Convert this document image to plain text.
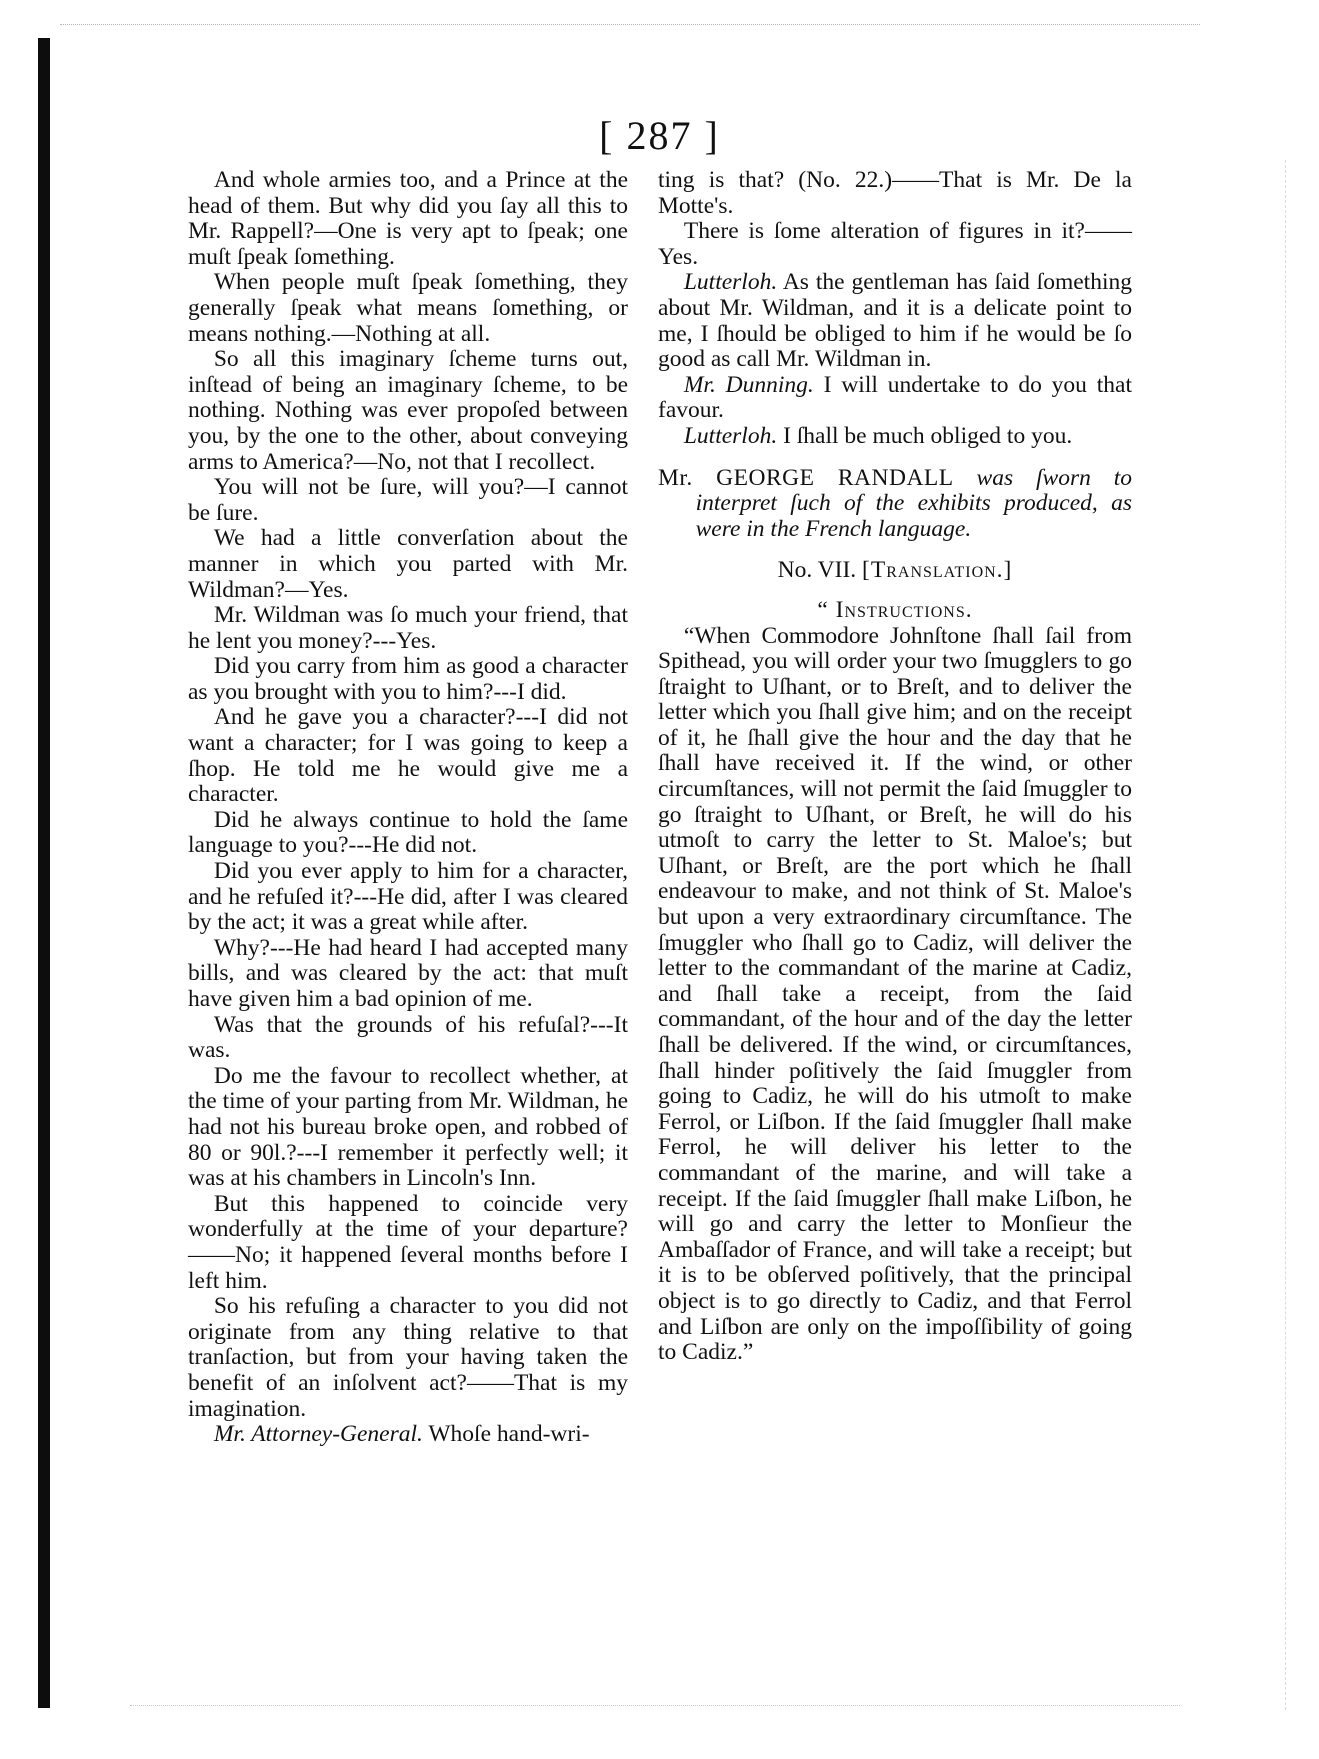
[ 287 ]

And whole armies too, and a Prince at the head of them. But why did you ſay all this to Mr. Rappell?—One is very apt to ſpeak; one muſt ſpeak ſomething.

When people muſt ſpeak ſomething, they generally ſpeak what means ſomething, or means nothing.—Nothing at all.

So all this imaginary ſcheme turns out, inſtead of being an imaginary ſcheme, to be nothing. Nothing was ever propoſed between you, by the one to the other, about conveying arms to America?—No, not that I recollect.

You will not be ſure, will you?—I cannot be ſure.

We had a little converſation about the manner in which you parted with Mr. Wildman?—Yes.

Mr. Wildman was ſo much your friend, that he lent you money?---Yes.

Did you carry from him as good a character as you brought with you to him?---I did.

And he gave you a character?---I did not want a character; for I was going to keep a ſhop. He told me he would give me a character.

Did he always continue to hold the ſame language to you?---He did not.

Did you ever apply to him for a character, and he refuſed it?---He did, after I was cleared by the act; it was a great while after.

Why?---He had heard I had accepted many bills, and was cleared by the act: that muſt have given him a bad opinion of me.

Was that the grounds of his refuſal?---It was.

Do me the favour to recollect whether, at the time of your parting from Mr. Wildman, he had not his bureau broke open, and robbed of 80 or 90l.?---I remember it perfectly well; it was at his chambers in Lincoln's Inn.

But this happened to coincide very wonderfully at the time of your departure?——No; it happened ſeveral months before I left him.

So his refuſing a character to you did not originate from any thing relative to that tranſaction, but from your having taken the benefit of an inſolvent act?——That is my imagination.

Mr. Attorney-General. Whoſe hand-wri-

ting is that? (No. 22.)——That is Mr. De la Motte's.

There is ſome alteration of figures in it?——Yes.

Lutterloh. As the gentleman has ſaid ſomething about Mr. Wildman, and it is a delicate point to me, I ſhould be obliged to him if he would be ſo good as call Mr. Wildman in.

Mr. Dunning. I will undertake to do you that favour.

Lutterloh. I ſhall be much obliged to you.

Mr. GEORGE RANDALL was ſworn to interpret ſuch of the exhibits produced, as were in the French language.

No. VII. [Translation.]

“ Instructions.

“When Commodore Johnſtone ſhall ſail from Spithead, you will order your two ſmugglers to go ſtraight to Uſhant, or to Breſt, and to deliver the letter which you ſhall give him; and on the receipt of it, he ſhall give the hour and the day that he ſhall have received it. If the wind, or other circumſtances, will not permit the ſaid ſmuggler to go ſtraight to Uſhant, or Breſt, he will do his utmoſt to carry the letter to St. Maloe's; but Uſhant, or Breſt, are the port which he ſhall endeavour to make, and not think of St. Maloe's but upon a very extraordinary circumſtance. The ſmuggler who ſhall go to Cadiz, will deliver the letter to the commandant of the marine at Cadiz, and ſhall take a receipt, from the ſaid commandant, of the hour and of the day the letter ſhall be delivered. If the wind, or circumſtances, ſhall hinder poſitively the ſaid ſmuggler from going to Cadiz, he will do his utmoſt to make Ferrol, or Liſbon. If the ſaid ſmuggler ſhall make Ferrol, he will deliver his letter to the commandant of the marine, and will take a receipt. If the ſaid ſmuggler ſhall make Liſbon, he will go and carry the letter to Monſieur the Ambaſſador of France, and will take a receipt; but it is to be obſerved poſitively, that the principal object is to go directly to Cadiz, and that Ferrol and Liſbon are only on the impoſſibility of going to Cadiz.”
